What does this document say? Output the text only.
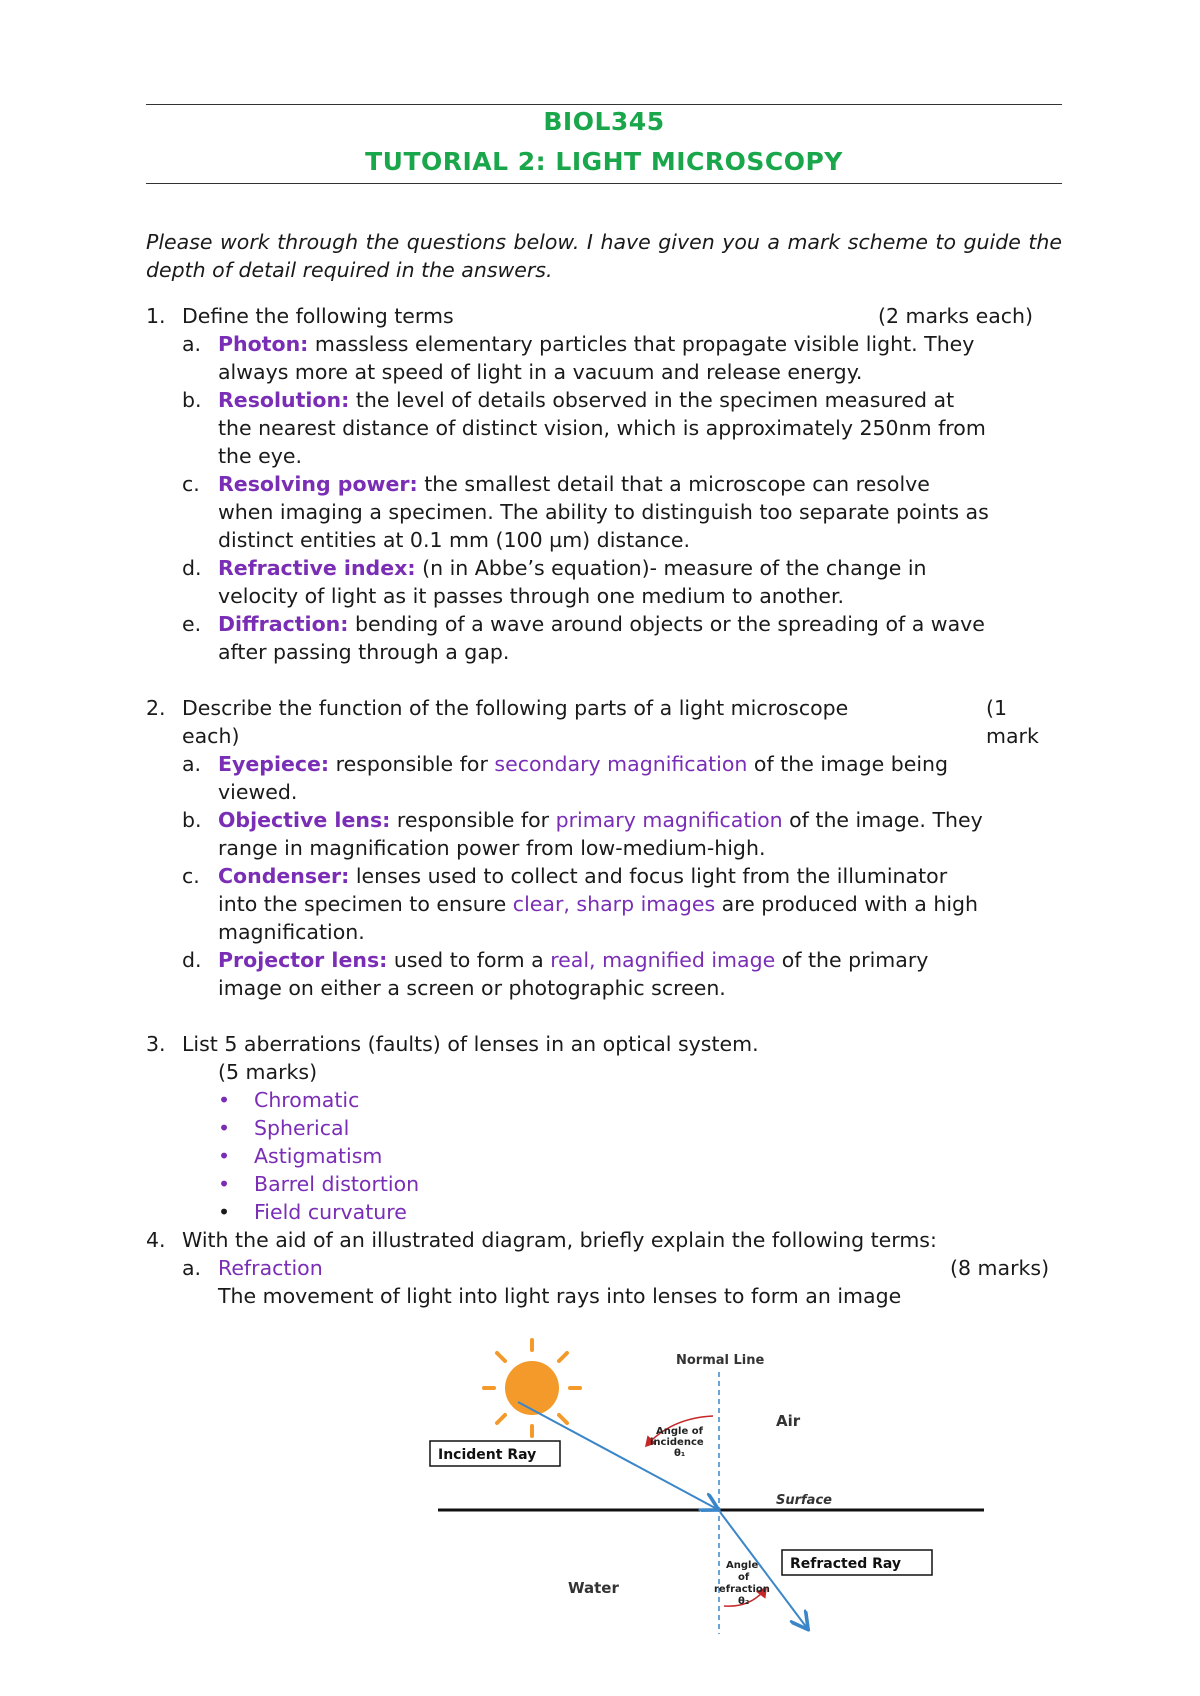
BIOL345
TUTORIAL 2: LIGHT MICROSCOPY
Please work through the questions below. I have given you a mark scheme to guide the depth of detail required in the answers.
1. Define the following terms	(2 marks each)
a. Photon: massless elementary particles that propagate visible light. They
always more at speed of light in a vacuum and release energy.
b. Resolution: the level of details observed in the specimen measured at
the nearest distance of distinct vision, which is approximately 250nm from
the eye.
c. Resolving power: the smallest detail that a microscope can resolve
when imaging a specimen. The ability to distinguish too separate points as
distinct entities at 0.1 mm (100 µm) distance.
d. Refractive index: (n in Abbe’s equation)- measure of the change in
velocity of light as it passes through one medium to another.
e. Diffraction: bending of a wave around objects or the spreading of a wave
after passing through a gap.
2. Describe the function of the following parts of a light microscope	(1 mark
each)
a. Eyepiece: responsible for secondary magnification of the image being
viewed.
b. Objective lens: responsible for primary magnification of the image. They
range in magnification power from low-medium-high.
c. Condenser: lenses used to collect and focus light from the illuminator
into the specimen to ensure clear, sharp images are produced with a high
magnification.
d. Projector lens: used to form a real, magnified image of the primary
image on either a screen or photographic screen.
3. List 5 aberrations (faults) of lenses in an optical system.
(5 marks)
• Chromatic
• Spherical
• Astigmatism
• Barrel distortion
• Field curvature
4. With the aid of an illustrated diagram, briefly explain the following terms:
a. Refraction	(8 marks)
The movement of light into light rays into lenses to form an image
Normal Line
Surface
Air
Water
Incident Ray
Refracted Ray
Angle of
incidence
θ₁
Angle
of
refraction
θ₂
